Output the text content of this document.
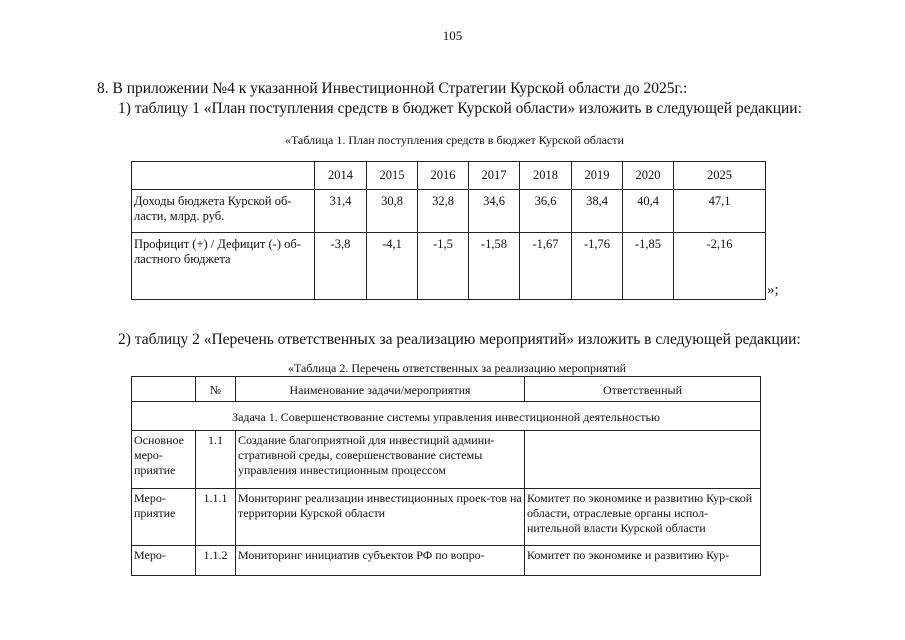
105
8. В приложении №4 к указанной Инвестиционной Стратегии Курской области до 2025г.:
1) таблицу 1 «План поступления средств в бюджет Курской области» изложить в следующей редакции:
«Таблица 1. План поступления средств в бюджет Курской области
	2014	2015	2016	2017	2018	2019	2020	2025
Доходы бюджета Курской об-ласти, млрд. руб.	31,4	30,8	32,8	34,6	36,6	38,4	40,4	47,1
Профицит (+) / Дефицит (-) об-ластного бюджета	-3,8	-4,1	-1,5	-1,58	-1,67	-1,76	-1,85	-2,16
»;
2) таблицу 2 «Перечень ответственных за реализацию мероприятий» изложить в следующей редакции:
«Таблица 2. Перечень ответственных за реализацию мероприятий
	№	Наименование задачи/мероприятия	Ответственный
Задача 1. Совершенствование системы управления инвестиционной деятельностью			
Основное меро-приятие	1.1	Создание благоприятной для инвестиций админи-стративной среды, совершенствование системы управления инвестиционным процессом	
Меро-приятие	1.1.1	Мониторинг реализации инвестиционных проек-тов на территории Курской области	Комитет по экономике и развитию Кур-ской области, отраслевые органы испол-нительной власти Курской области
Меро-	1.1.2	Мониторинг инициатив субъектов РФ по вопро-	Комитет по экономике и развитию Кур-
